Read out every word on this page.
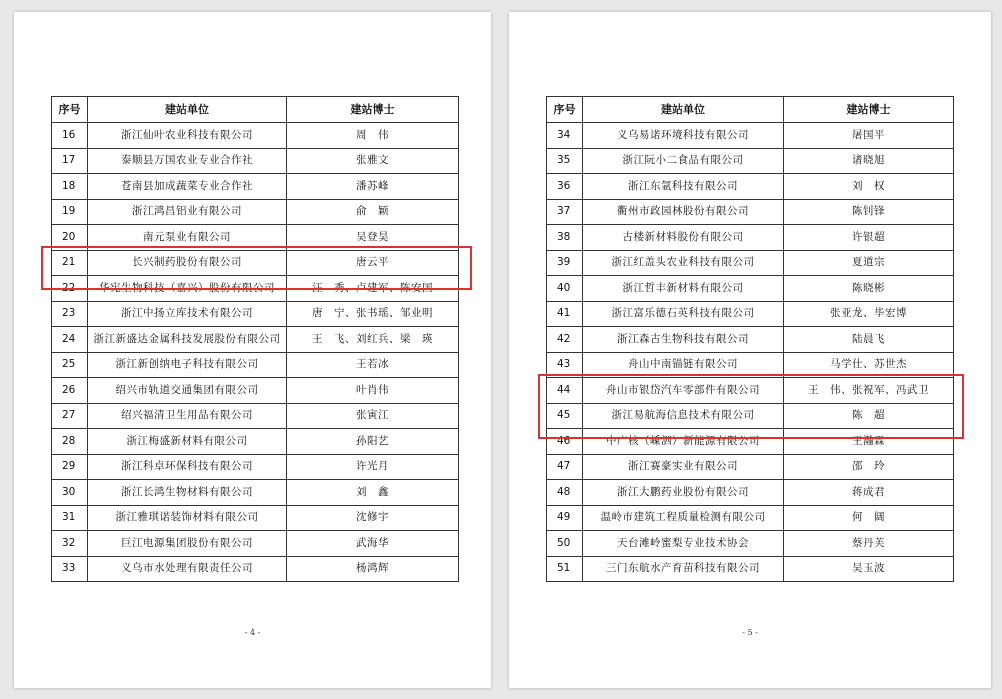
序号	建站单位	建站博士
16	浙江仙叶农业科技有限公司	周　伟
17	泰顺县万国农业专业合作社	张雅文
18	苍南县加成蔬菜专业合作社	潘苏峰
19	浙江鸿昌铝业有限公司	俞　颖
20	南元泵业有限公司	吴登昊
21	长兴制药股份有限公司	唐云平
22	华宪生物科技（嘉兴）股份有限公司	汪　秀、卢建军、陈安国
23	浙江中扬立库技术有限公司	唐　宁、张书瑶、邹业明
24	浙江新盛达金属科技发展股份有限公司	王　飞、刘红兵、梁　瑛
25	浙江新创纳电子科技有限公司	王若冰
26	绍兴市轨道交通集团有限公司	叶肖伟
27	绍兴福清卫生用品有限公司	张寅江
28	浙江梅盛新材料有限公司	孙阳艺
29	浙江科卓环保科技有限公司	许光月
30	浙江长鸿生物材料有限公司	刘　鑫
31	浙江雅琪诺装饰材料有限公司	沈修宇
32	巨江电源集团股份有限公司	武海华
33	义乌市水处理有限责任公司	杨鸿辉
- 4 -
序号	建站单位	建站博士
34	义乌易诺环境科技有限公司	屠国平
35	浙江阮小二食品有限公司	诸晓旭
36	浙江东氩科技有限公司	刘　权
37	衢州市政园林股份有限公司	陈钊锋
38	古楼新材料股份有限公司	许银超
39	浙江红盖头农业科技有限公司	夏道宗
40	浙江哲丰新材料有限公司	陈晓彬
41	浙江富乐德石英科技有限公司	张亚龙、毕宏博
42	浙江森古生物科技有限公司	陆晨飞
43	舟山中南锚链有限公司	马学仕、苏世杰
44	舟山市银岱汽车零部件有限公司	王　伟、张祝军、冯武卫
45	浙江易航海信息技术有限公司	陈　超
46	中广核（嵊泗）新能源有限公司	王瀚霖
47	浙江赛豪实业有限公司	邵　玲
48	浙江大鹏药业股份有限公司	蒋成君
49	温岭市建筑工程质量检测有限公司	何　阔
50	天台滩岭蜜梨专业技术协会	蔡丹芙
51	三门东航水产育苗科技有限公司	吴玉波
- 5 -
